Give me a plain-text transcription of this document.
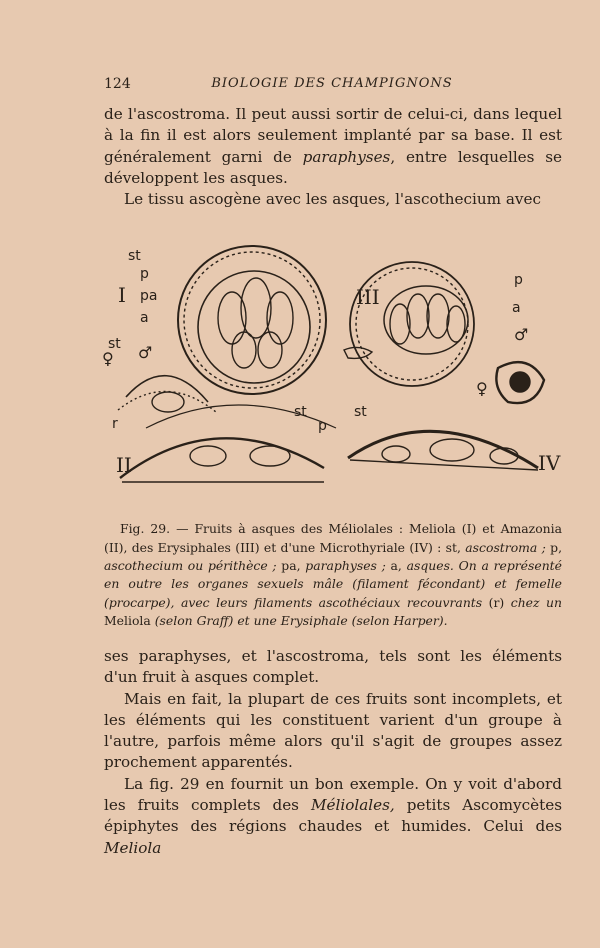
124	BIOLOGIE DES CHAMPIGNONS

de l'ascostroma. Il peut aussi sortir de celui-ci, dans lequel à la fin il est alors seulement implanté par sa base. Il est généralement garni de paraphyses, entre lesquelles se développent les asques.

Le tissu ascogène avec les asques, l'ascothecium avec

I
II
III
IV
st
p
pa
a
st
r
♀ ♂
st
p
p
a
♂
♀
st

Fig. 29. — Fruits à asques des Méliolales : Meliola (I) et Amazonia (II), des Erysiphales (III) et d'une Microthyriale (IV) : st, ascostroma ; p, ascothecium ou périthèce ; pa, paraphyses ; a, asques. On a représenté en outre les organes sexuels mâle (filament fécondant) et femelle (procarpe), avec leurs filaments ascothéciaux recouvrants (r) chez un Meliola (selon Graff) et une Erysiphale (selon Harper).

ses paraphyses, et l'ascostroma, tels sont les éléments d'un fruit à asques complet.

Mais en fait, la plupart de ces fruits sont incomplets, et les éléments qui les constituent varient d'un groupe à l'autre, parfois même alors qu'il s'agit de groupes assez prochement apparentés.

La fig. 29 en fournit un bon exemple. On y voit d'abord les fruits complets des Méliolales, petits Ascomycètes épiphytes des régions chaudes et humides. Celui des Meliola
